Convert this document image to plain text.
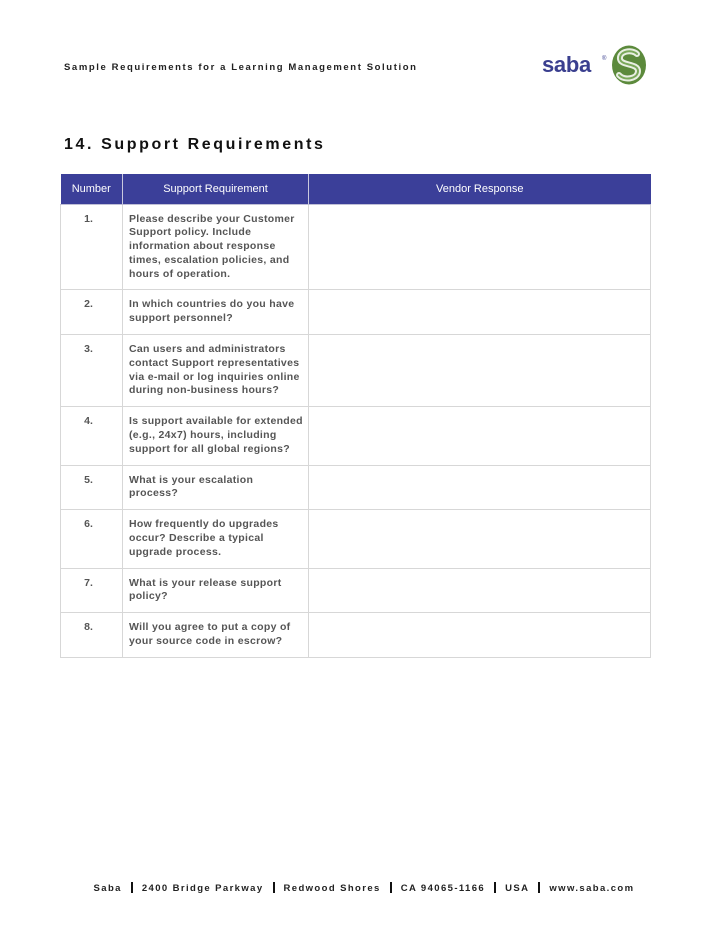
Sample Requirements for a Learning Management Solution	saba ®
14. Support Requirements
Number	Support Requirement	Vendor Response
1.	Please describe your Customer Support policy. Include information about response times, escalation policies, and hours of operation.	
2.	In which countries do you have support personnel?	
3.	Can users and administrators contact Support representatives via e-mail or log inquiries online during non-business hours?	
4.	Is support available for extended (e.g., 24x7) hours, including support for all global regions?	
5.	What is your escalation process?	
6.	How frequently do upgrades occur? Describe a typical upgrade process.	
7.	What is your release support policy?	
8.	Will you agree to put a copy of your source code in escrow?	
Saba 2400 Bridge Parkway Redwood Shores CA 94065-1166 USA www.saba.com
